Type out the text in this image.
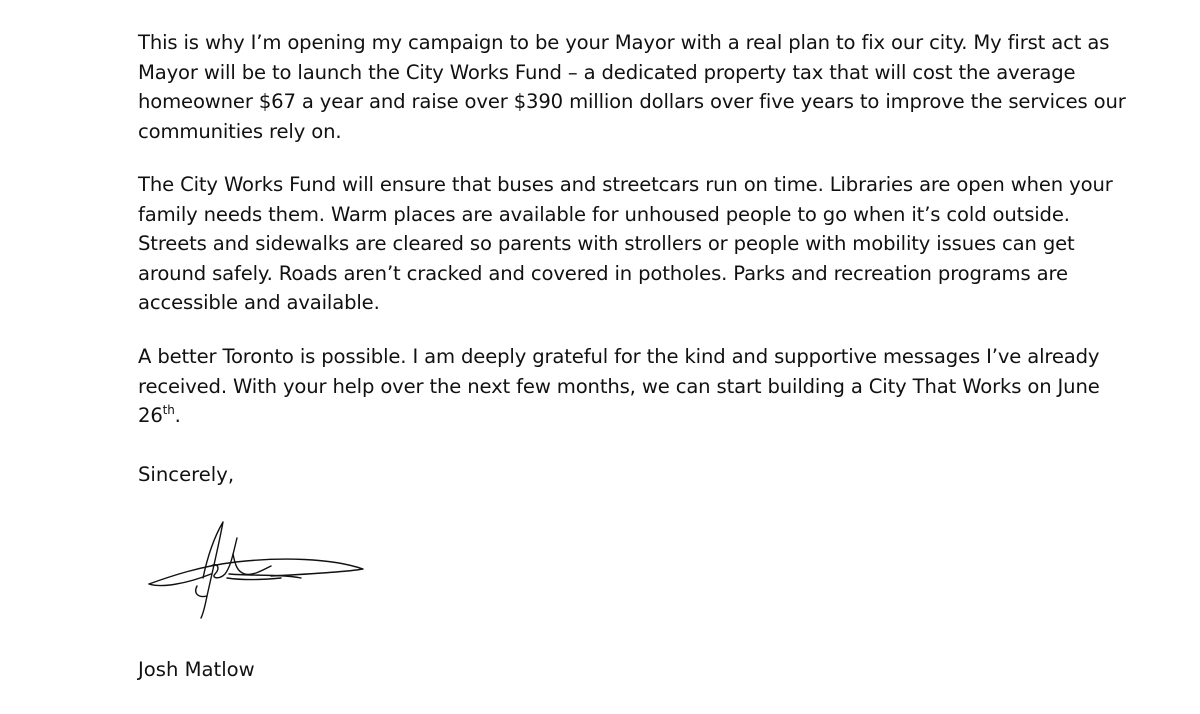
This is why I’m opening my campaign to be your Mayor with a real plan to fix our city. My first act as Mayor will be to launch the City Works Fund – a dedicated property tax that will cost the average homeowner $67 a year and raise over $390 million dollars over five years to improve the services our communities rely on.

The City Works Fund will ensure that buses and streetcars run on time. Libraries are open when your family needs them. Warm places are available for unhoused people to go when it’s cold outside. Streets and sidewalks are cleared so parents with strollers or people with mobility issues can get around safely. Roads aren’t cracked and covered in potholes. Parks and recreation programs are accessible and available.

A better Toronto is possible. I am deeply grateful for the kind and supportive messages I’ve already received. With your help over the next few months, we can start building a City That Works on June 26th.

Sincerely,

Josh Matlow
